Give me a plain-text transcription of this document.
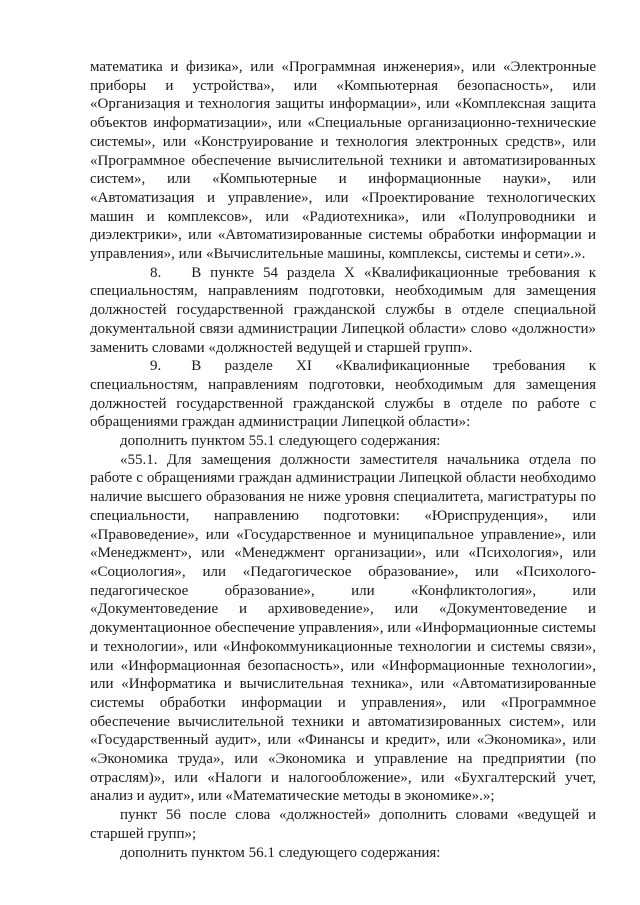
математика и физика», или «Программная инженерия», или «Электронные приборы и устройства», или «Компьютерная безопасность», или «Организация и технология защиты информации», или «Комплексная защита объектов информатизации», или «Специальные организационно-технические системы», или «Конструирование и технология электронных средств», или «Программное обеспечение вычислительной техники и автоматизированных систем», или «Компьютерные и информационные науки», или «Автоматизация и управление», или «Проектирование технологических машин и комплексов», или «Радиотехника», или «Полупроводники и диэлектрики», или «Автоматизированные системы обработки информации и управления», или «Вычислительные машины, комплексы, системы и сети».».

8. В пункте 54 раздела X «Квалификационные требования к специальностям, направлениям подготовки, необходимым для замещения должностей государственной гражданской службы в отделе специальной документальной связи администрации Липецкой области» слово «должности» заменить словами «должностей ведущей и старшей групп».

9. В разделе XI «Квалификационные требования к специальностям, направлениям подготовки, необходимым для замещения должностей государственной гражданской службы в отделе по работе с обращениями граждан администрации Липецкой области»:

дополнить пунктом 55.1 следующего содержания:

«55.1. Для замещения должности заместителя начальника отдела по работе с обращениями граждан администрации Липецкой области необходимо наличие высшего образования не ниже уровня специалитета, магистратуры по специальности, направлению подготовки: «Юриспруденция», или «Правоведение», или «Государственное и муниципальное управление», или «Менеджмент», или «Менеджмент организации», или «Психология», или «Социология», или «Педагогическое образование», или «Психолого-педагогическое образование», или «Конфликтология», или «Документоведение и архивоведение», или «Документоведение и документационное обеспечение управления», или «Информационные системы и технологии», или «Инфокоммуникационные технологии и системы связи», или «Информационная безопасность», или «Информационные технологии», или «Информатика и вычислительная техника», или «Автоматизированные системы обработки информации и управления», или «Программное обеспечение вычислительной техники и автоматизированных систем», или «Государственный аудит», или «Финансы и кредит», или «Экономика», или «Экономика труда», или «Экономика и управление на предприятии (по отраслям)», или «Налоги и налогообложение», или «Бухгалтерский учет, анализ и аудит», или «Математические методы в экономике».»;

пункт 56 после слова «должностей» дополнить словами «ведущей и старшей групп»;

дополнить пунктом 56.1 следующего содержания:
